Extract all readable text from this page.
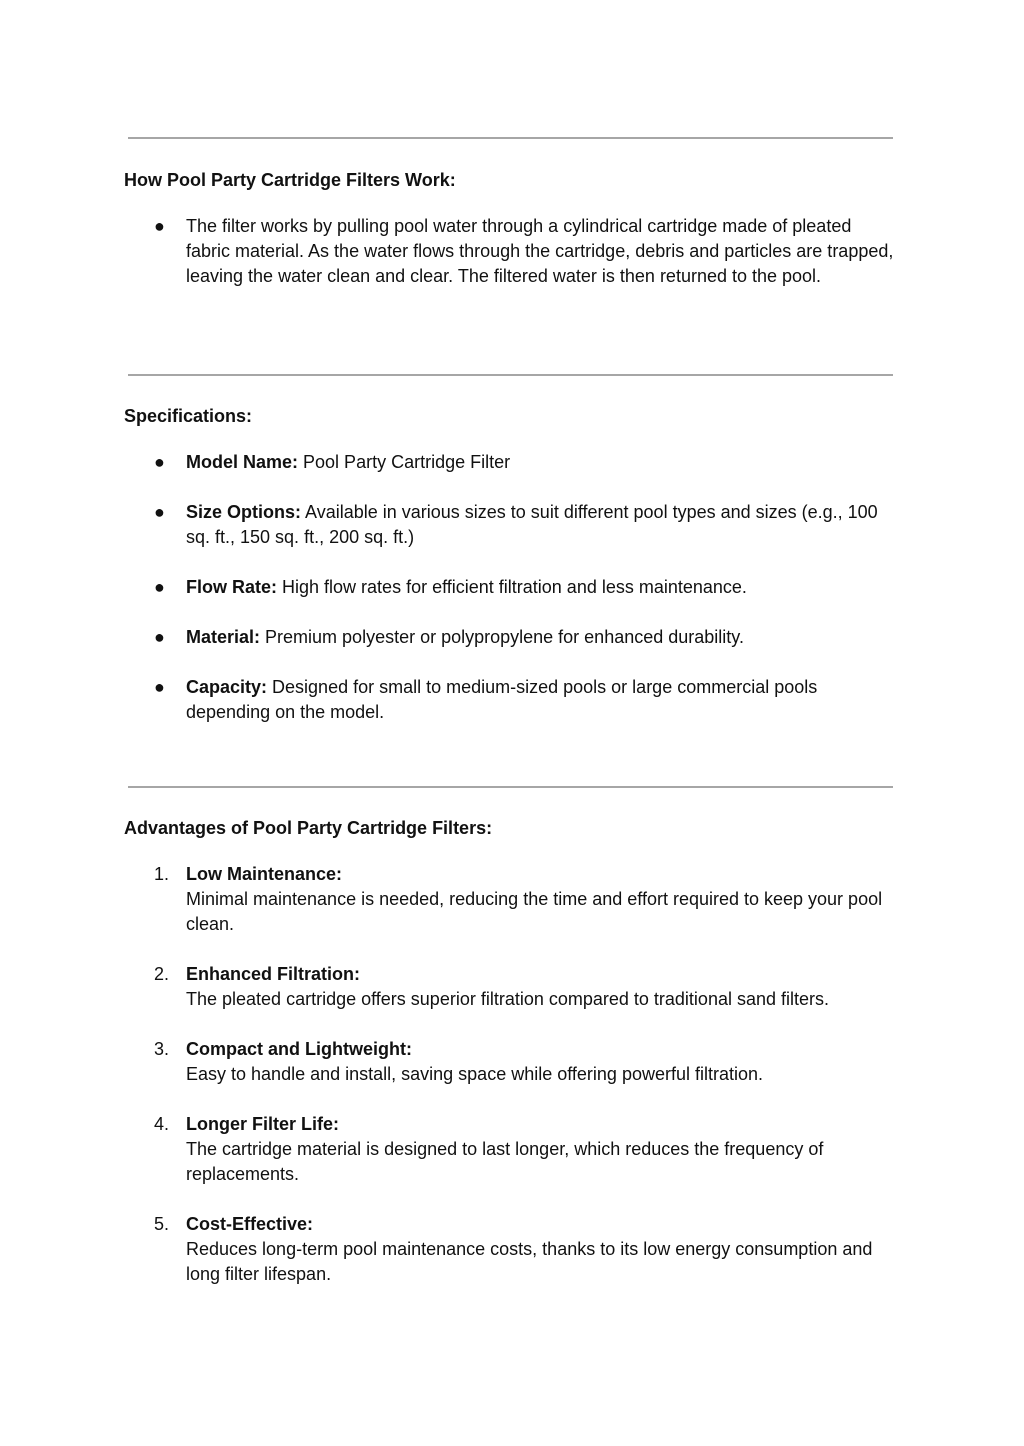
How Pool Party Cartridge Filters Work:
●	The filter works by pulling pool water through a cylindrical cartridge made of pleated fabric material. As the water flows through the cartridge, debris and particles are trapped, leaving the water clean and clear. The filtered water is then returned to the pool.
Specifications:
●	Model Name: Pool Party Cartridge Filter
●	Size Options: Available in various sizes to suit different pool types and sizes (e.g., 100 sq. ft., 150 sq. ft., 200 sq. ft.)
●	Flow Rate: High flow rates for efficient filtration and less maintenance.
●	Material: Premium polyester or polypropylene for enhanced durability.
●	Capacity: Designed for small to medium-sized pools or large commercial pools depending on the model.
Advantages of Pool Party Cartridge Filters:
1. Low Maintenance:
Minimal maintenance is needed, reducing the time and effort required to keep your pool clean.
2. Enhanced Filtration:
The pleated cartridge offers superior filtration compared to traditional sand filters.
3. Compact and Lightweight:
Easy to handle and install, saving space while offering powerful filtration.
4. Longer Filter Life:
The cartridge material is designed to last longer, which reduces the frequency of replacements.
5. Cost-Effective:
Reduces long-term pool maintenance costs, thanks to its low energy consumption and long filter lifespan.
